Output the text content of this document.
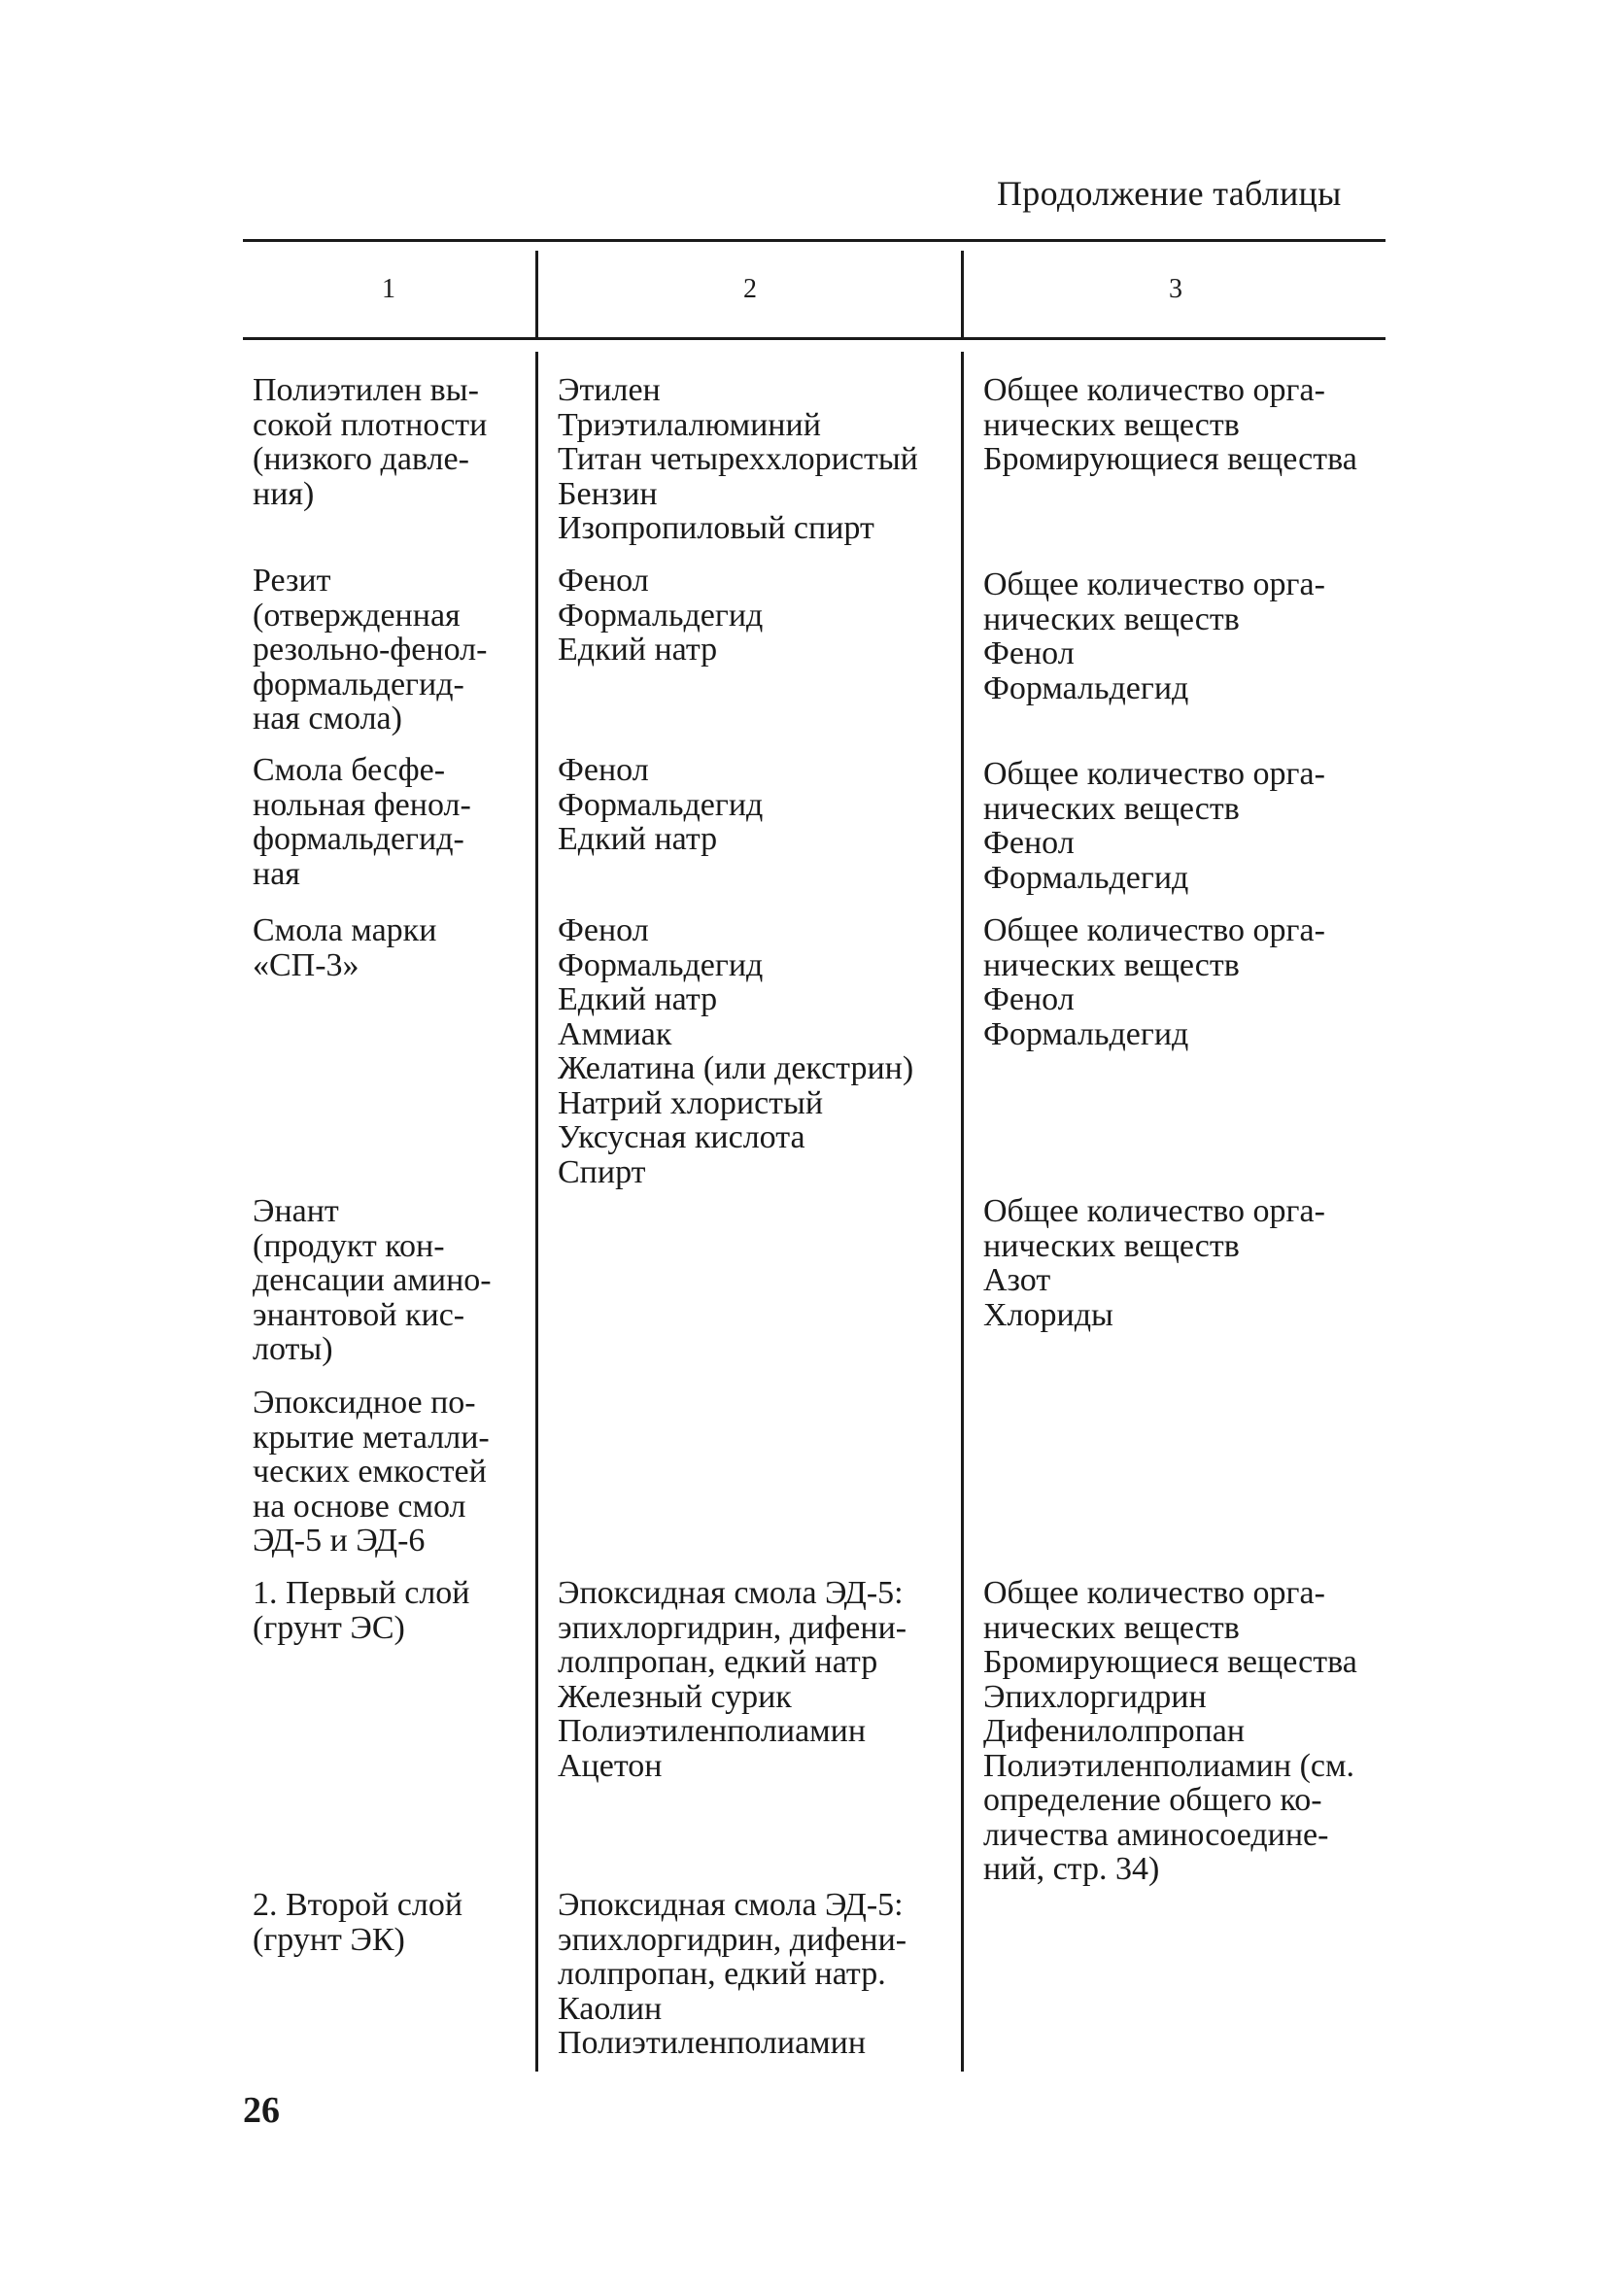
Продолжение таблицы
1	2	3
Полиэтилен вы-
сокой плотности
(низкого давле-
ния)
Этилен
Триэтилалюминий
Титан четыреххлористый
Бензин
Изопропиловый спирт
Общее количество орга-
нических веществ
Бромирующиеся вещества
Резит
(отвержденная
резольно-фенол-
формальдегид-
ная смола)
Фенол
Формальдегид
Едкий натр
Общее количество орга-
нических веществ
Фенол
Формальдегид
Смола бесфе-
нольная фенол-
формальдегид-
ная
Фенол
Формальдегид
Едкий натр
Общее количество орга-
нических веществ
Фенол
Формальдегид
Смола марки
«СП-3»
Фенол
Формальдегид
Едкий натр
Аммиак
Желатина (или декстрин)
Натрий хлористый
Уксусная кислота
Спирт
Общее количество орга-
нических веществ
Фенол
Формальдегид
Энант
(продукт кон-
денсации амино-
энантовой кис-
лоты)
Общее количество орга-
нических веществ
Азот
Хлориды
Эпоксидное по-
крытие металли-
ческих емкостей
на основе смол
ЭД-5 и ЭД-6
1. Первый слой
(грунт ЭС)
Эпоксидная смола ЭД-5:
эпихлоргидрин, дифени-
лолпропан, едкий натр
Железный сурик
Полиэтиленполиамин
Ацетон
Общее количество орга-
нических веществ
Бромирующиеся вещества
Эпихлоргидрин
Дифенилолпропан
Полиэтиленполиамин (см.
определение общего ко-
личества аминосоедине-
ний, стр. 34)
2. Второй слой
(грунт ЭК)
Эпоксидная смола ЭД-5:
эпихлоргидрин, дифени-
лолпропан, едкий натр.
Каолин
Полиэтиленполиамин
26
